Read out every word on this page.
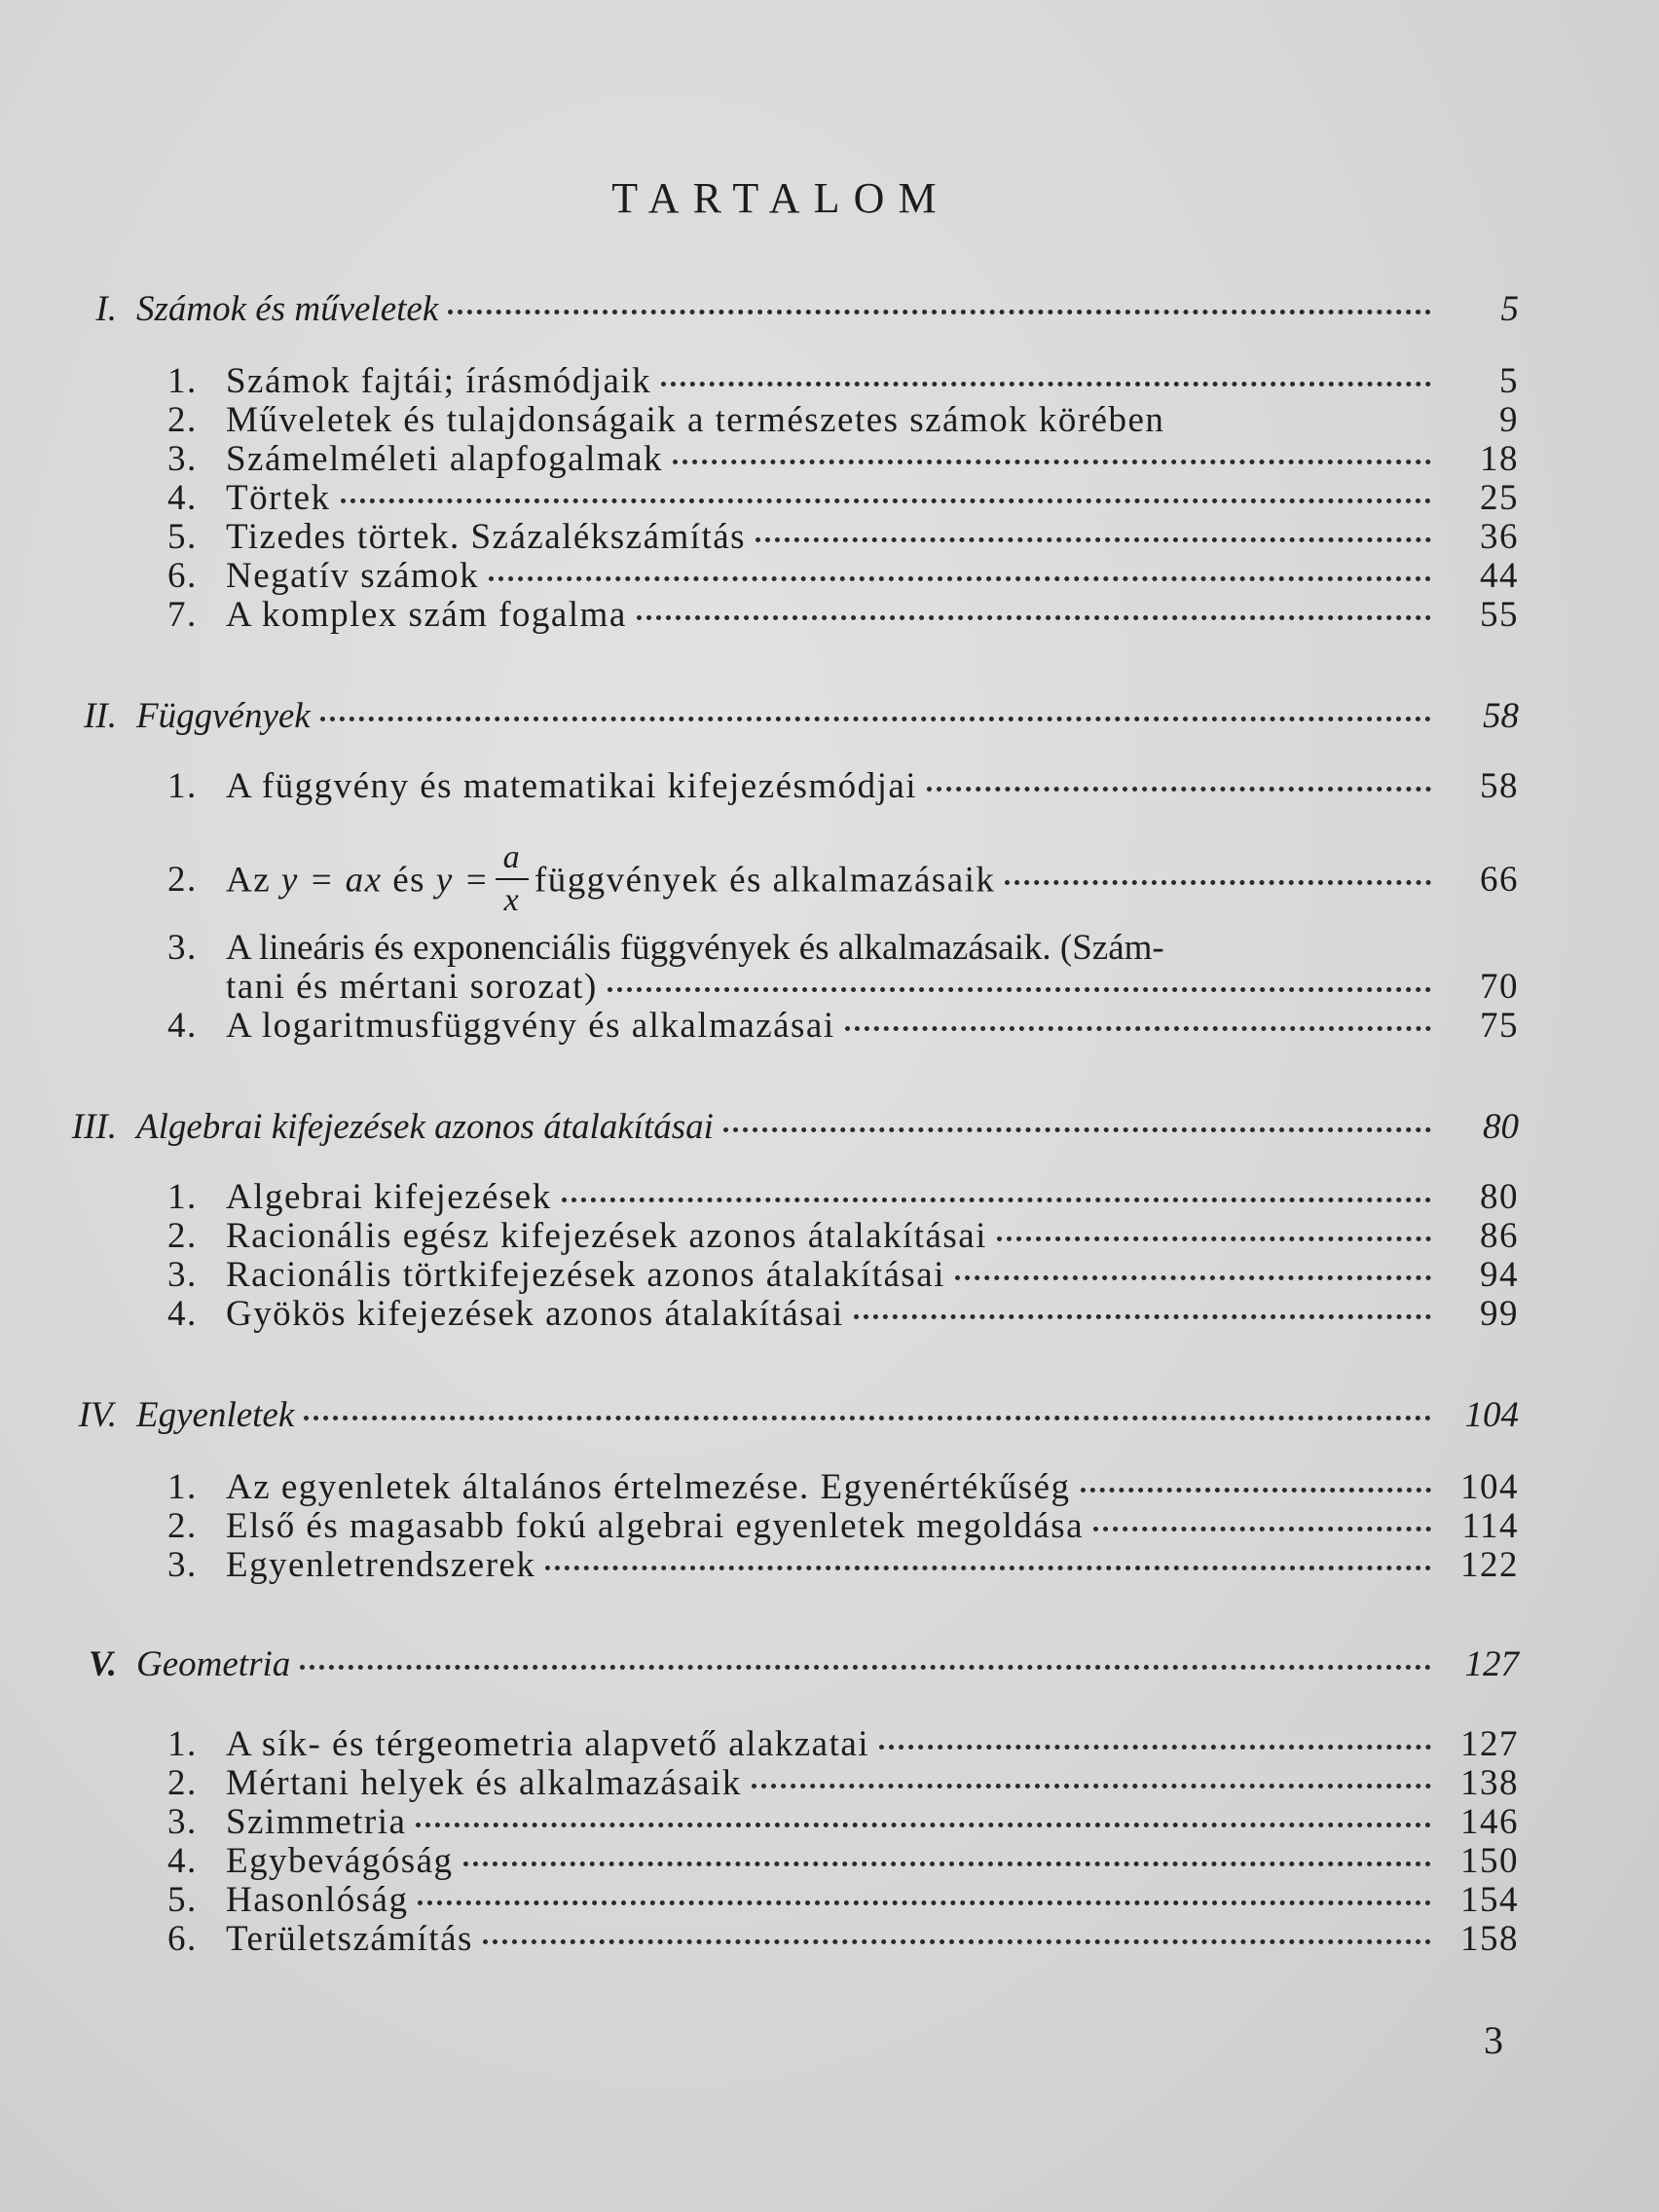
TARTALOM
I. Számok és műveletek	5
1. Számok fajtái; írásmódjaik	5
2. Műveletek és tulajdonságaik a természetes számok körében	9
3. Számelméleti alapfogalmak	18
4. Törtek	25
5. Tizedes törtek. Százalékszámítás	36
6. Negatív számok	44
7. A komplex szám fogalma	55
II. Függvények	58
1. A függvény és matematikai kifejezésmódjai	58
2. Az y = ax és $y = \frac{a}{x}$ függvények és alkalmazásaik	66
3. A lineáris és exponenciális függvények és alkalmazásaik. (Szám-
tani és mértani sorozat)	70
4. A logaritmusfüggvény és alkalmazásai	75
III. Algebrai kifejezések azonos átalakításai	80
1. Algebrai kifejezések	80
2. Racionális egész kifejezések azonos átalakításai	86
3. Racionális törtkifejezések azonos átalakításai	94
4. Gyökös kifejezések azonos átalakításai	99
IV. Egyenletek	104
1. Az egyenletek általános értelmezése. Egyenértékűség	104
2. Első és magasabb fokú algebrai egyenletek megoldása	114
3. Egyenletrendszerek	122
V. Geometria	127
1. A sík- és térgeometria alapvető alakzatai	127
2. Mértani helyek és alkalmazásaik	138
3. Szimmetria	146
4. Egybevágóság	150
5. Hasonlóság	154
6. Területszámítás	158
3
